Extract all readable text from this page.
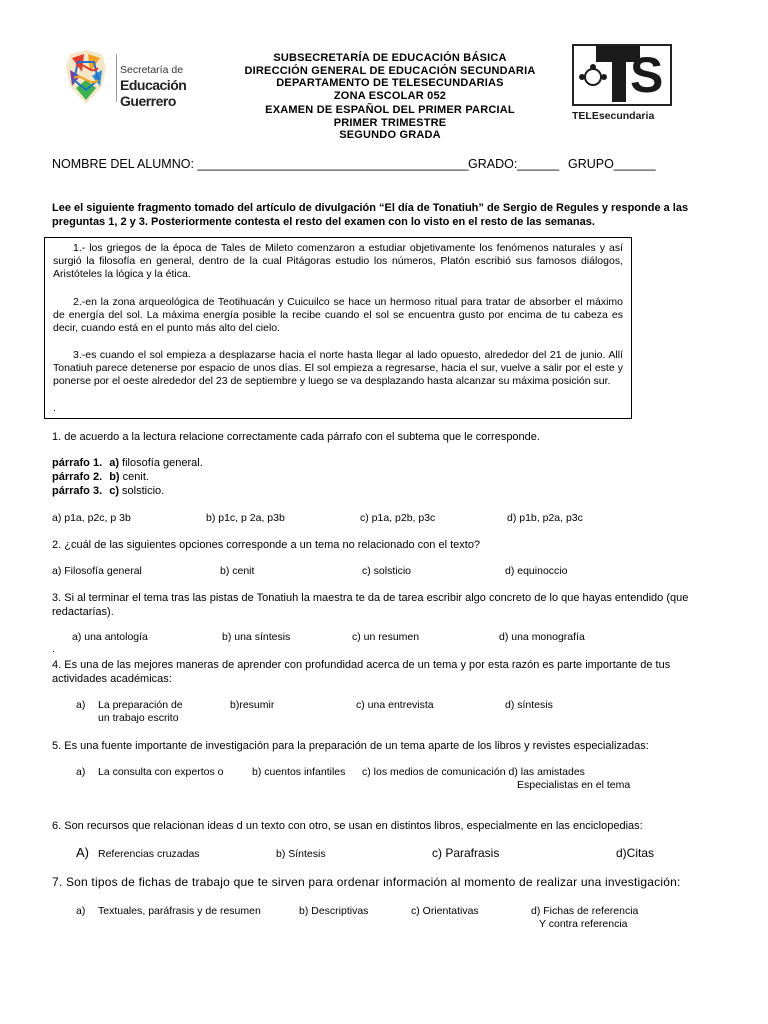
Secretaría de
Educación Guerrero
SUBSECRETARÍA DE EDUCACIÓN BÁSICA
DIRECCIÓN GENERAL DE EDUCACIÓN SECUNDARIA
DEPARTAMENTO DE TELESECUNDARIAS
ZONA ESCOLAR 052
EXAMEN DE ESPAÑOL DEL PRIMER PARCIAL
PRIMER TRIMESTRE
SEGUNDO GRADA
S
TELEsecundaria
NOMBRE DEL ALUMNO: _______________________________________ GRADO:______ GRUPO______
Lee el siguiente fragmento tomado del artículo de divulgación “El día de Tonatiuh” de Sergio de Regules y responde a las preguntas 1, 2 y 3. Posteriormente contesta el resto del examen con lo visto en el resto de las semanas.
1.- los griegos de la época de Tales de Mileto comenzaron a estudiar objetivamente los fenómenos naturales y así surgió la filosofía en general, dentro de la cual Pitágoras estudio los números, Platón escribió sus famosos diálogos, Aristóteles la lógica y la ética.
2.-en la zona arqueológica de Teotihuacán y Cuicuilco se hace un hermoso ritual para tratar de absorber el máximo de energía del sol. La máxima energía posible la recibe cuando el sol se encuentra gusto por encima de tu cabeza es decir, cuando está en el punto más alto del cielo.
3.-es cuando el sol empieza a desplazarse hacia el norte hasta llegar al lado opuesto, alrededor del 21 de junio. Allí Tonatiuh parece detenerse por espacio de unos días. El sol empieza a regresarse, hacia el sur, vuelve a salir por el este y ponerse por el oeste alrededor del 23 de septiembre y luego se va desplazando hasta alcanzar su máxima posición sur.
.
1. de acuerdo a la lectura relacione correctamente cada párrafo con el subtema que le corresponde.
párrafo 1. a) filosofía general.
párrafo 2. b) cenit.
párrafo 3. c) solsticio.
a) p1a, p2c, p 3b	b) p1c, p 2a, p3b	c) p1a, p2b, p3c	d) p1b, p2a, p3c
2. ¿cuál de las siguientes opciones corresponde a un tema no relacionado con el texto?
a) Filosofía general	b) cenit	c) solsticio	d) equinoccio
3. Si al terminar el tema tras las pistas de Tonatiuh la maestra te da de tarea escribir algo concreto de lo que hayas entendido (que redactarías).
a) una antología	b) una síntesis	c) un resumen	d) una monografía
.
4. Es una de las mejores maneras de aprender con profundidad acerca de un tema y por esta razón es parte importante de tus actividades académicas:
a) La preparación de
un trabajo escrito
b)resumir	c) una entrevista	d) síntesis
5. Es una fuente importante de investigación para la preparación de un tema aparte de los libros y revistes especializadas:
a) La consulta con expertos o	b) cuentos infantiles c) los medios de comunicación d) las amistades
Especialistas en el tema
6. Son recursos que relacionan ideas d un texto con otro, se usan en distintos libros, especialmente en las enciclopedias:
A) Referencias cruzadas	b) Síntesis	c) Parafrasis	d)Citas
7. Son tipos de fichas de trabajo que te sirven para ordenar información al momento de realizar una investigación:
a) Textuales, paráfrasis y de resumen	b) Descriptivas	c) Orientativas	d) Fichas de referencia
Y contra referencia
